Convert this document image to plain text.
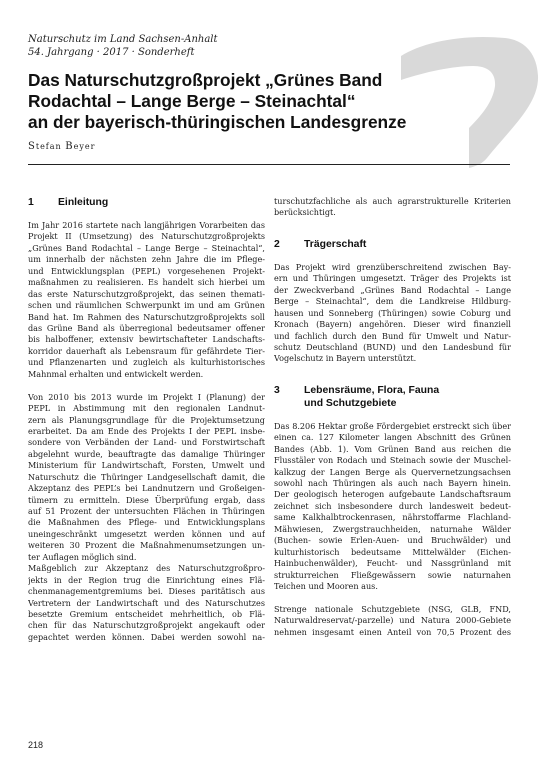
Naturschutz im Land Sachsen-Anhalt
54. Jahrgang · 2017 · Sonderheft
Das Naturschutzgroßprojekt „Grünes Band
Rodachtal – Lange Berge – Steinachtal“
an der bayerisch-thüringischen Landesgrenze
Stefan Beyer
1	Einleitung
Im Jahr 2016 startete nach langjährigen Vorarbeiten das
Projekt II (Umsetzung) des Naturschutzgroßprojekts
„Grünes Band Rodachtal – Lange Berge – Steinachtal“,
um innerhalb der nächsten zehn Jahre die im Pflege-
und Entwicklungsplan (PEPL) vorgesehenen Projekt-
maßnahmen zu realisieren. Es handelt sich hierbei um
das erste Naturschutzgroßprojekt, das seinen themati-
schen und räumlichen Schwerpunkt im und am Grünen
Band hat. Im Rahmen des Naturschutzgroßprojekts soll
das Grüne Band als überregional bedeutsamer offener
bis halboffener, extensiv bewirtschafteter Landschafts-
korridor dauerhaft als Lebensraum für gefährdete Tier-
und Pflanzenarten und zugleich als kulturhistorisches
Mahnmal erhalten und entwickelt werden.
Von 2010 bis 2013 wurde im Projekt I (Planung) der
PEPL in Abstimmung mit den regionalen Landnut-
zern als Planungsgrundlage für die Projektumsetzung
erarbeitet. Da am Ende des Projekts I der PEPL insbe-
sondere von Verbänden der Land- und Forstwirtschaft
abgelehnt wurde, beauftragte das damalige Thüringer
Ministerium für Landwirtschaft, Forsten, Umwelt und
Naturschutz die Thüringer Landgesellschaft damit, die
Akzeptanz des PEPL’s bei Landnutzern und Großeigen-
tümern zu ermitteln. Diese Überprüfung ergab, dass
auf 51 Prozent der untersuchten Flächen in Thüringen
die Maßnahmen des Pflege- und Entwicklungsplans
uneingeschränkt umgesetzt werden können und auf
weiteren 30 Prozent die Maßnahmenumsetzungen un-
ter Auflagen möglich sind.
Maßgeblich zur Akzeptanz des Naturschutzgroßpro-
jekts in der Region trug die Einrichtung eines Flä-
chenmanagementgremiums bei. Dieses paritätisch aus
Vertretern der Landwirtschaft und des Naturschutzes
besetzte Gremium entscheidet mehrheitlich, ob Flä-
chen für das Naturschutzgroßprojekt angekauft oder
gepachtet werden können. Dabei werden sowohl na-
turschutzfachliche als auch agrarstrukturelle Kriterien
berücksichtigt.
2	Trägerschaft
Das Projekt wird grenzüberschreitend zwischen Bay-
ern und Thüringen umgesetzt. Träger des Projekts ist
der Zweckverband „Grünes Band Rodachtal – Lange
Berge – Steinachtal“, dem die Landkreise Hildburg-
hausen und Sonneberg (Thüringen) sowie Coburg und
Kronach (Bayern) angehören. Dieser wird finanziell
und fachlich durch den Bund für Umwelt und Natur-
schutz Deutschland (BUND) und den Landesbund für
Vogelschutz in Bayern unterstützt.
3	Lebensräume, Flora, Fauna
und Schutzgebiete
Das 8.206 Hektar große Fördergebiet erstreckt sich über
einen ca. 127 Kilometer langen Abschnitt des Grünen
Bandes (Abb. 1). Vom Grünen Band aus reichen die
Flusstäler von Rodach und Steinach sowie der Muschel-
kalkzug der Langen Berge als Quervernetzungsachsen
sowohl nach Thüringen als auch nach Bayern hinein.
Der geologisch heterogen aufgebaute Landschaftsraum
zeichnet sich insbesondere durch landesweit bedeut-
same Kalkhalbtrockenrasen, nährstoffarme Flachland-
Mähwiesen, Zwergstrauchheiden, naturnahe Wälder
(Buchen- sowie Erlen-Auen- und Bruchwälder) und
kulturhistorisch bedeutsame Mittelwälder (Eichen-
Hainbuchenwälder), Feucht- und Nassgrünland mit
strukturreichen Fließgewässern sowie naturnahen
Teichen und Mooren aus.
Strenge nationale Schutzgebiete (NSG, GLB, FND,
Naturwaldreservat/-parzelle) und Natura 2000-Gebiete
nehmen insgesamt einen Anteil von 70,5 Prozent des
218
